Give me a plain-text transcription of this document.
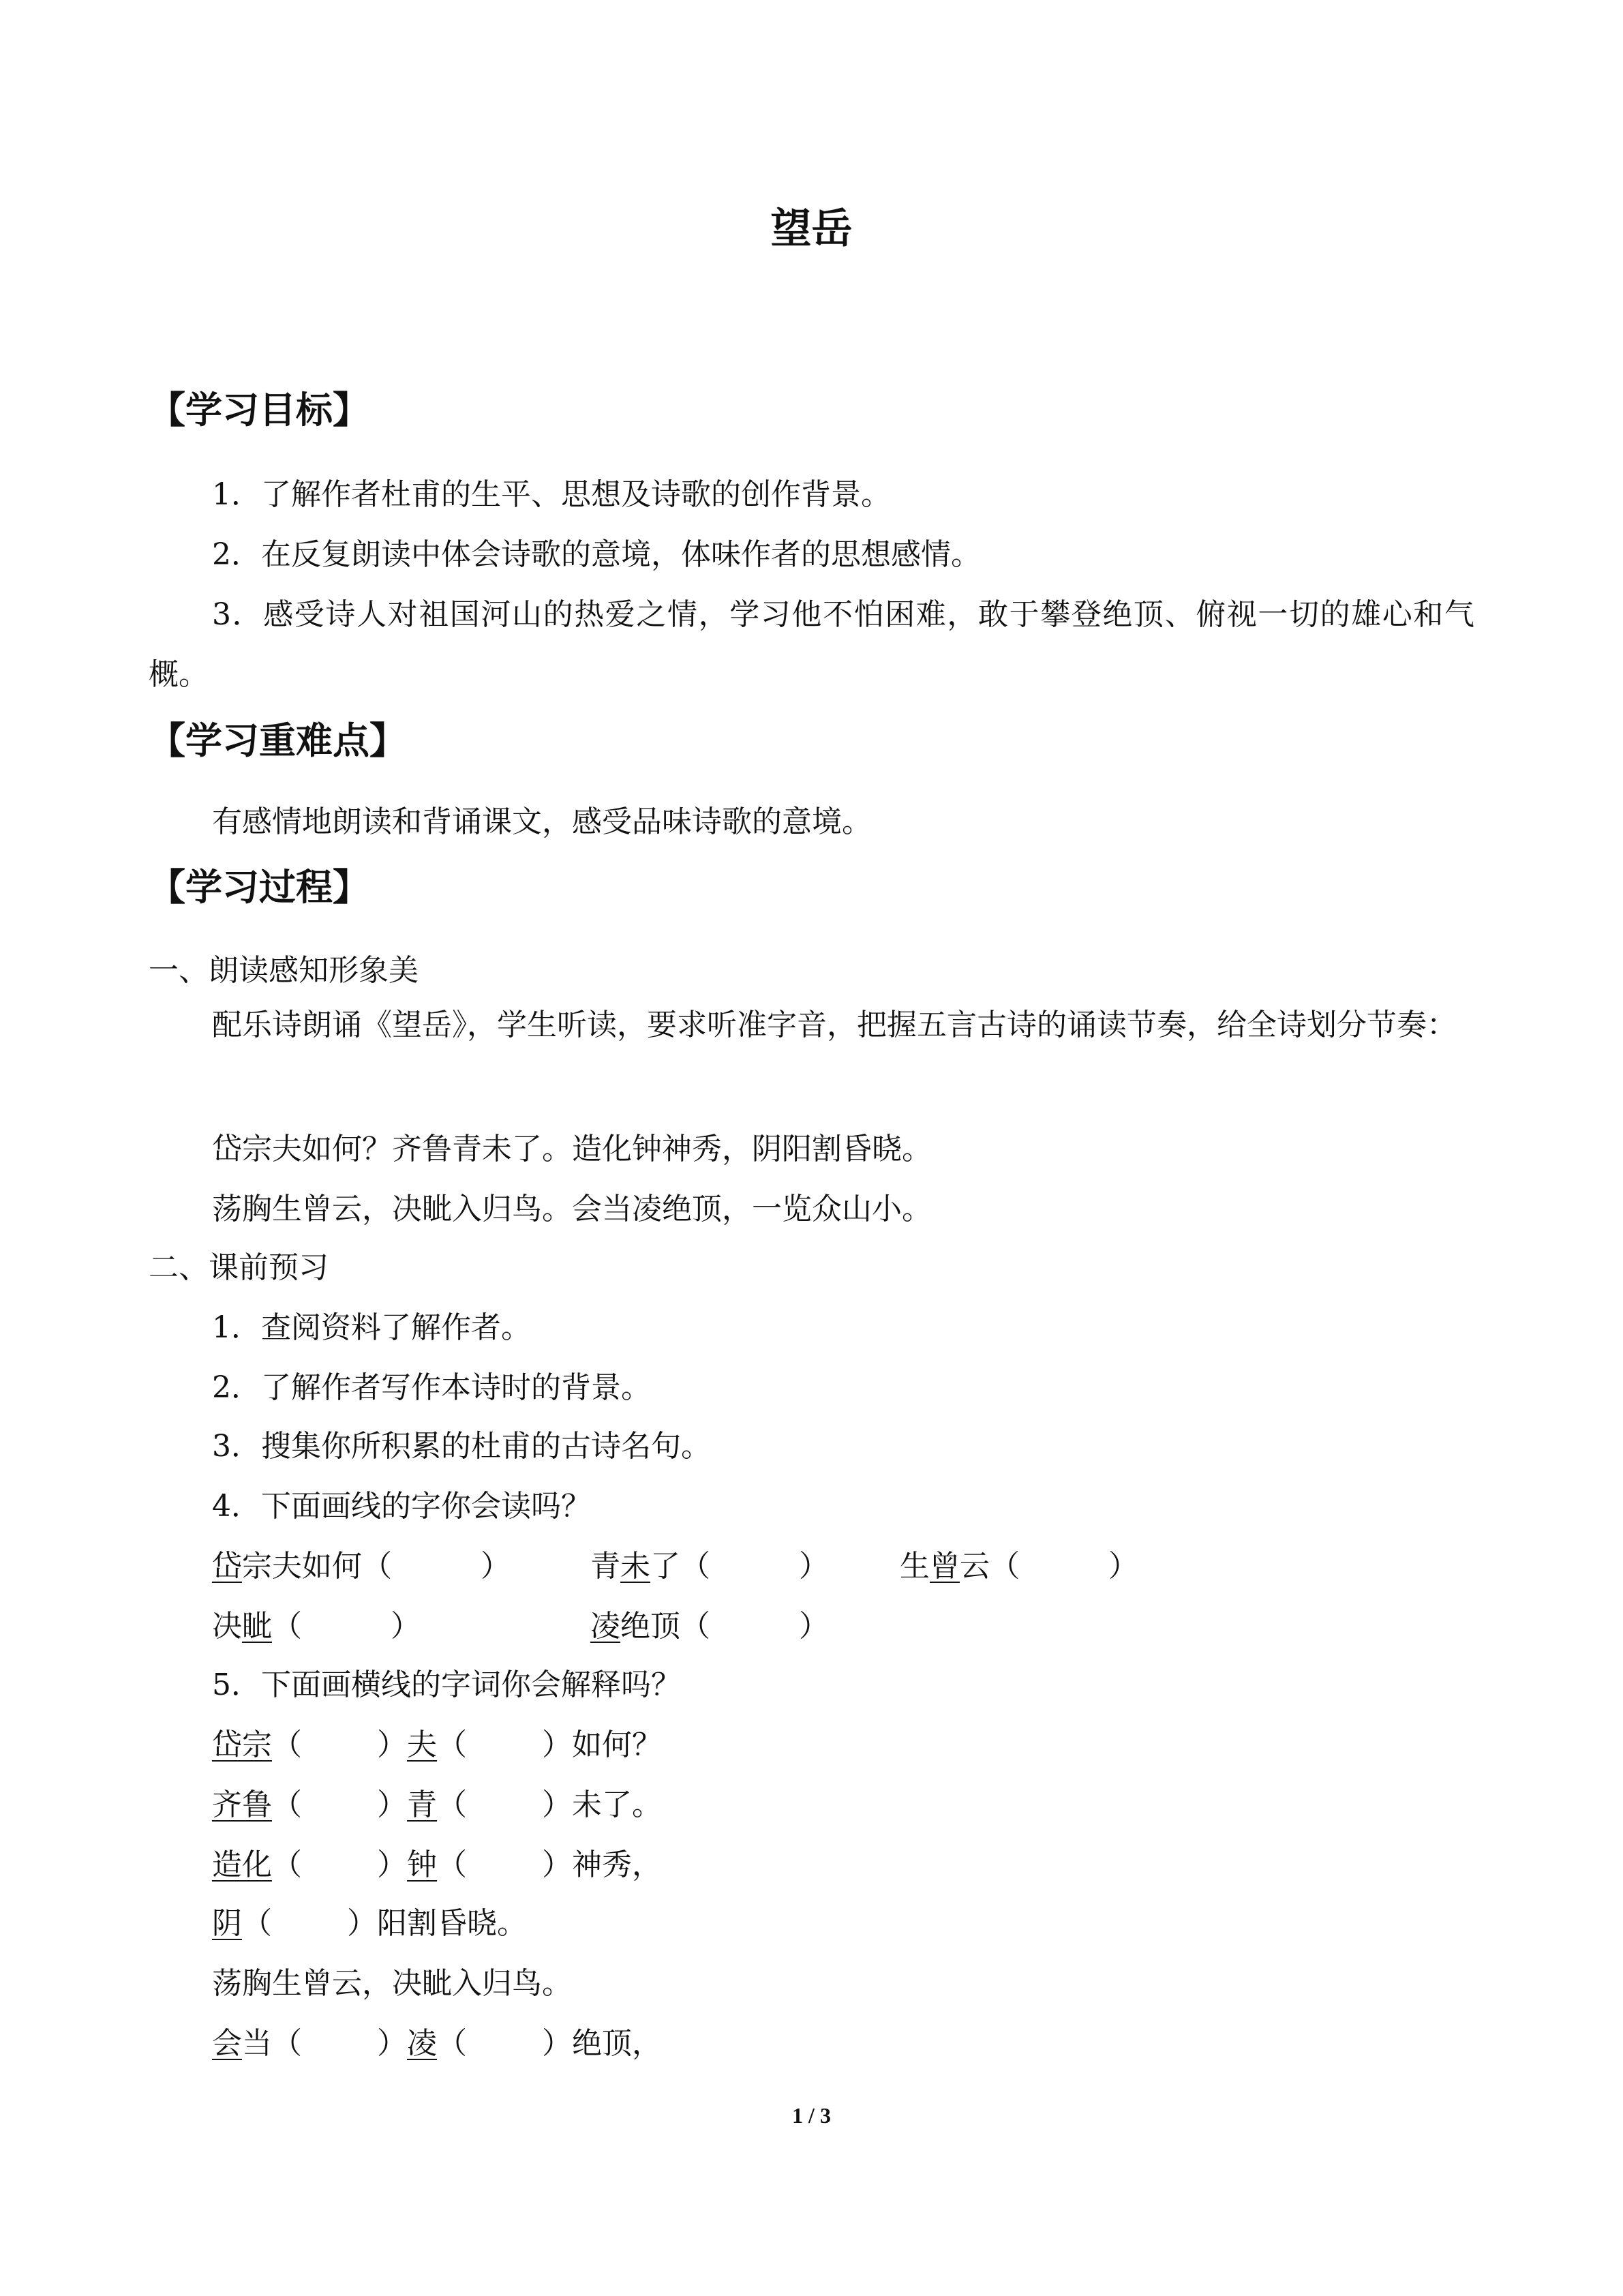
望岳
【学习目标】
1．了解作者杜甫的生平、思想及诗歌的创作背景。
2．在反复朗读中体会诗歌的意境，体味作者的思想感情。
3．感受诗人对祖国河山的热爱之情，学习他不怕困难，敢于攀登绝顶、俯视一切的雄心和气概。
【学习重难点】
有感情地朗读和背诵课文，感受品味诗歌的意境。
【学习过程】
一、朗读感知形象美
配乐诗朗诵《望岳》，学生听读，要求听准字音，把握五言古诗的诵读节奏，给全诗划分节奏：
岱宗夫如何？齐鲁青未了。造化钟神秀，阴阳割昏晓。
荡胸生曾云，决眦入归鸟。会当凌绝顶，一览众山小。
二、课前预习
1．查阅资料了解作者。
2．了解作者写作本诗时的背景。
3．搜集你所积累的杜甫的古诗名句。
4．下面画线的字你会读吗？
岱宗夫如何（	）	青未了（	） 生曾云（	）
决眦（	）	凌绝顶（	）
5．下面画横线的字词你会解释吗？
岱宗（	）夫（	）如何？
齐鲁（	）青（	）未了。
造化（	）钟（	）神秀，
阴（	）阳割昏晓。
荡胸生曾云，决眦入归鸟。
会当（	）凌（	）绝顶，
1 / 3
